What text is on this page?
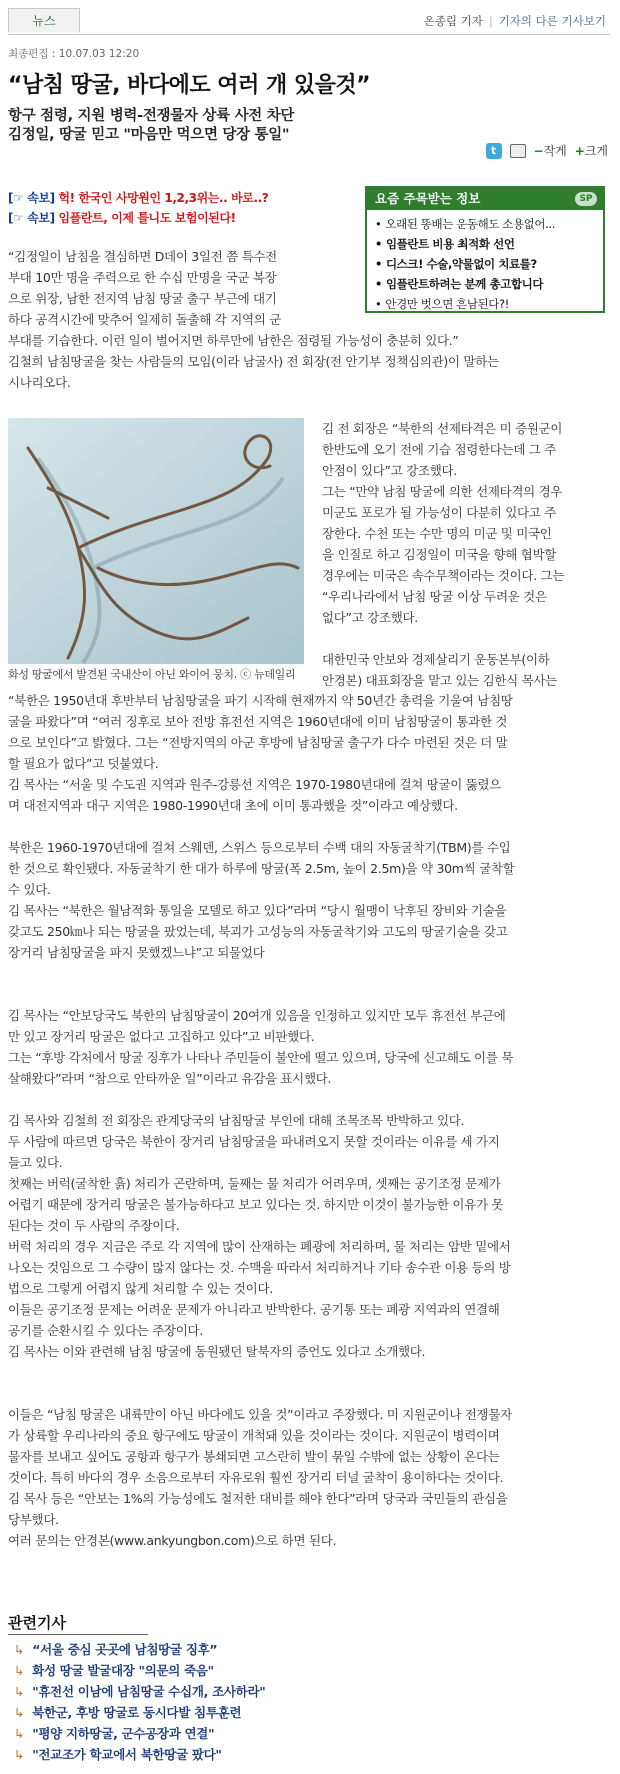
뉴스	온종림 기자 | 기자의 다른 기사보기
최종편집 : 10.07.03 12:20
“남침 땅굴, 바다에도 여러 개 있을것”
항구 점령, 지원 병력-전쟁물자 상륙 사전 차단
김정일, 땅굴 믿고 "마음만 먹으면 당장 통일"
t	−작게 +크게
[☞ 속보] 헉! 한국인 사망원인 1,2,3위는.. 바로..?
[☞ 속보] 임플란트, 이제 틀니도 보험이된다!
요즘 주목받는 정보	SP
• 오래된 똥배는 운동해도 소용없어...
• 임플란트 비용 최적화 선언
• 디스크! 수술,약물없이 치료를?
• 임플란트하려는 분께 총고합니다
• 안경만 벗으면 흔남된다?!
“김정일이 남침을 결심하면 D데이 3일전 쯤 특수전
부대 10만 명을 주력으로 한 수십 만명을 국군 복장
으로 위장, 남한 전지역 남침 땅굴 출구 부근에 대기
하다 공격시간에 맞추어 일제히 돌출해 각 지역의 군
부대를 기습한다. 이런 일이 벌어지면 하루만에 남한은 점령될 가능성이 충분히 있다.”
김철희 남침땅굴을 찾는 사람들의 모임(이라 남굴사) 전 회장(전 안기부 정책심의관)이 말하는
시나리오다.
화성 땅굴에서 발견된 국내산이 아닌 와이어 뭉치. ⓒ 뉴데일리
김 전 회장은 “북한의 선제타격은 미 증원군이
한반도에 오기 전에 기습 점령한다는데 그 주
안점이 있다”고 강조했다.
그는 “만약 남침 땅굴에 의한 선제타격의 경우
미군도 포로가 될 가능성이 다분히 있다고 주
장한다. 수천 또는 수만 명의 미군 및 미국인
을 인질로 하고 김정일이 미국을 향해 협박할
경우에는 미국은 속수무책이라는 것이다. 그는
“우리나라에서 남침 땅굴 이상 두려운 것은
없다”고 강조했다.
대한민국 안보와 경제살리기 운동본부(이하
안경본) 대표회장을 맡고 있는 김한식 목사는
“북한은 1950년대 후반부터 남침땅굴을 파기 시작해 현재까지 약 50년간 총력을 기울여 남침땅
굴을 파왔다”며 “여러 징후로 보아 전방 휴전선 지역은 1960년대에 이미 남침땅굴이 통과한 것
으로 보인다”고 밝혔다. 그는 “전방지역의 아군 후방에 남침땅굴 출구가 다수 마련된 것은 더 말
할 필요가 없다”고 덧붙였다.
김 목사는 “서울 및 수도권 지역과 원주-강릉선 지역은 1970-1980년대에 걸쳐 땅굴이 뚫렸으
며 대전지역과 대구 지역은 1980-1990년대 초에 이미 통과했을 것”이라고 예상했다.
북한은 1960-1970년대에 걸쳐 스웨덴, 스위스 등으로부터 수백 대의 자동굴착기(TBM)를 수입
한 것으로 확인됐다. 자동굴착기 한 대가 하루에 땅굴(폭 2.5m, 높이 2.5m)을 약 30m씩 굴착할
수 있다.
김 목사는 “북한은 월남적화 통일을 모델로 하고 있다”라며 “당시 월맹이 낙후된 장비와 기술을
갖고도 250㎞나 되는 땅굴을 팠었는데, 북괴가 고성능의 자동굴착기와 고도의 땅굴기술을 갖고
장거리 남침땅굴을 파지 못했겠느냐”고 되물었다
김 목사는 “안보당국도 북한의 남침땅굴이 20여개 있음을 인정하고 있지만 모두 휴전선 부근에
만 있고 장거리 땅굴은 없다고 고집하고 있다”고 비판했다.
그는 “후방 각처에서 땅굴 징후가 나타나 주민들이 불안에 떨고 있으며, 당국에 신고해도 이를 묵
살해왔다”라며 “참으로 안타까운 일”이라고 유감을 표시했다.
김 목사와 김철희 전 회장은 관계당국의 남침땅굴 부인에 대해 조목조목 반박하고 있다.
두 사람에 따르면 당국은 북한이 장거리 남침땅굴을 파내려오지 못할 것이라는 이유를 세 가지
들고 있다.
첫째는 버럭(굴착한 흙) 처리가 곤란하며, 둘째는 물 처리가 어려우며, 셋째는 공기조정 문제가
어렵기 때문에 장거리 땅굴은 불가능하다고 보고 있다는 것. 하지만 이것이 불가능한 이유가 못
된다는 것이 두 사람의 주장이다.
버럭 처리의 경우 지금은 주로 각 지역에 많이 산재하는 폐광에 처리하며, 물 처리는 암반 밑에서
나오는 것임으로 그 수량이 많지 않다는 것. 수맥을 따라서 처리하거나 기타 송수관 이용 등의 방
법으로 그렇게 어렵지 않게 처리할 수 있는 것이다.
이들은 공기조정 문제는 어려운 문제가 아니라고 반박한다. 공기통 또는 폐광 지역과의 연결해
공기를 순환시킬 수 있다는 주장이다.
김 목사는 이와 관련해 남침 땅굴에 동원됐던 탈북자의 증언도 있다고 소개했다.
이들은 “남침 땅굴은 내륙만이 아닌 바다에도 있을 것”이라고 주장했다. 미 지원군이나 전쟁물자
가 상륙할 우리나라의 중요 항구에도 땅굴이 개척돼 있을 것이라는 것이다. 지원군이 병력이며
물자를 보내고 싶어도 공항과 항구가 봉쇄되면 고스란히 발이 묶일 수밖에 없는 상황이 온다는
것이다. 특히 바다의 경우 소음으로부터 자유로워 훨씬 장거리 터널 굴착이 용이하다는 것이다.
김 목사 등은 “안보는 1%의 가능성에도 철저한 대비를 해야 한다”라며 당국과 국민들의 관심을
당부했다.
여러 문의는 안경본(www.ankyungbon.com)으로 하면 된다.
관련기사
↳ “서울 중심 곳곳에 남침땅굴 징후”
↳ 화성 땅굴 발굴대장 "의문의 죽음"
↳ "휴전선 이남에 남침땅굴 수십개, 조사하라"
↳ 북한군, 후방 땅굴로 동시다발 침투훈련
↳ "평양 지하땅굴, 군수공장과 연결"
↳ "전교조가 학교에서 북한땅굴 팠다"
